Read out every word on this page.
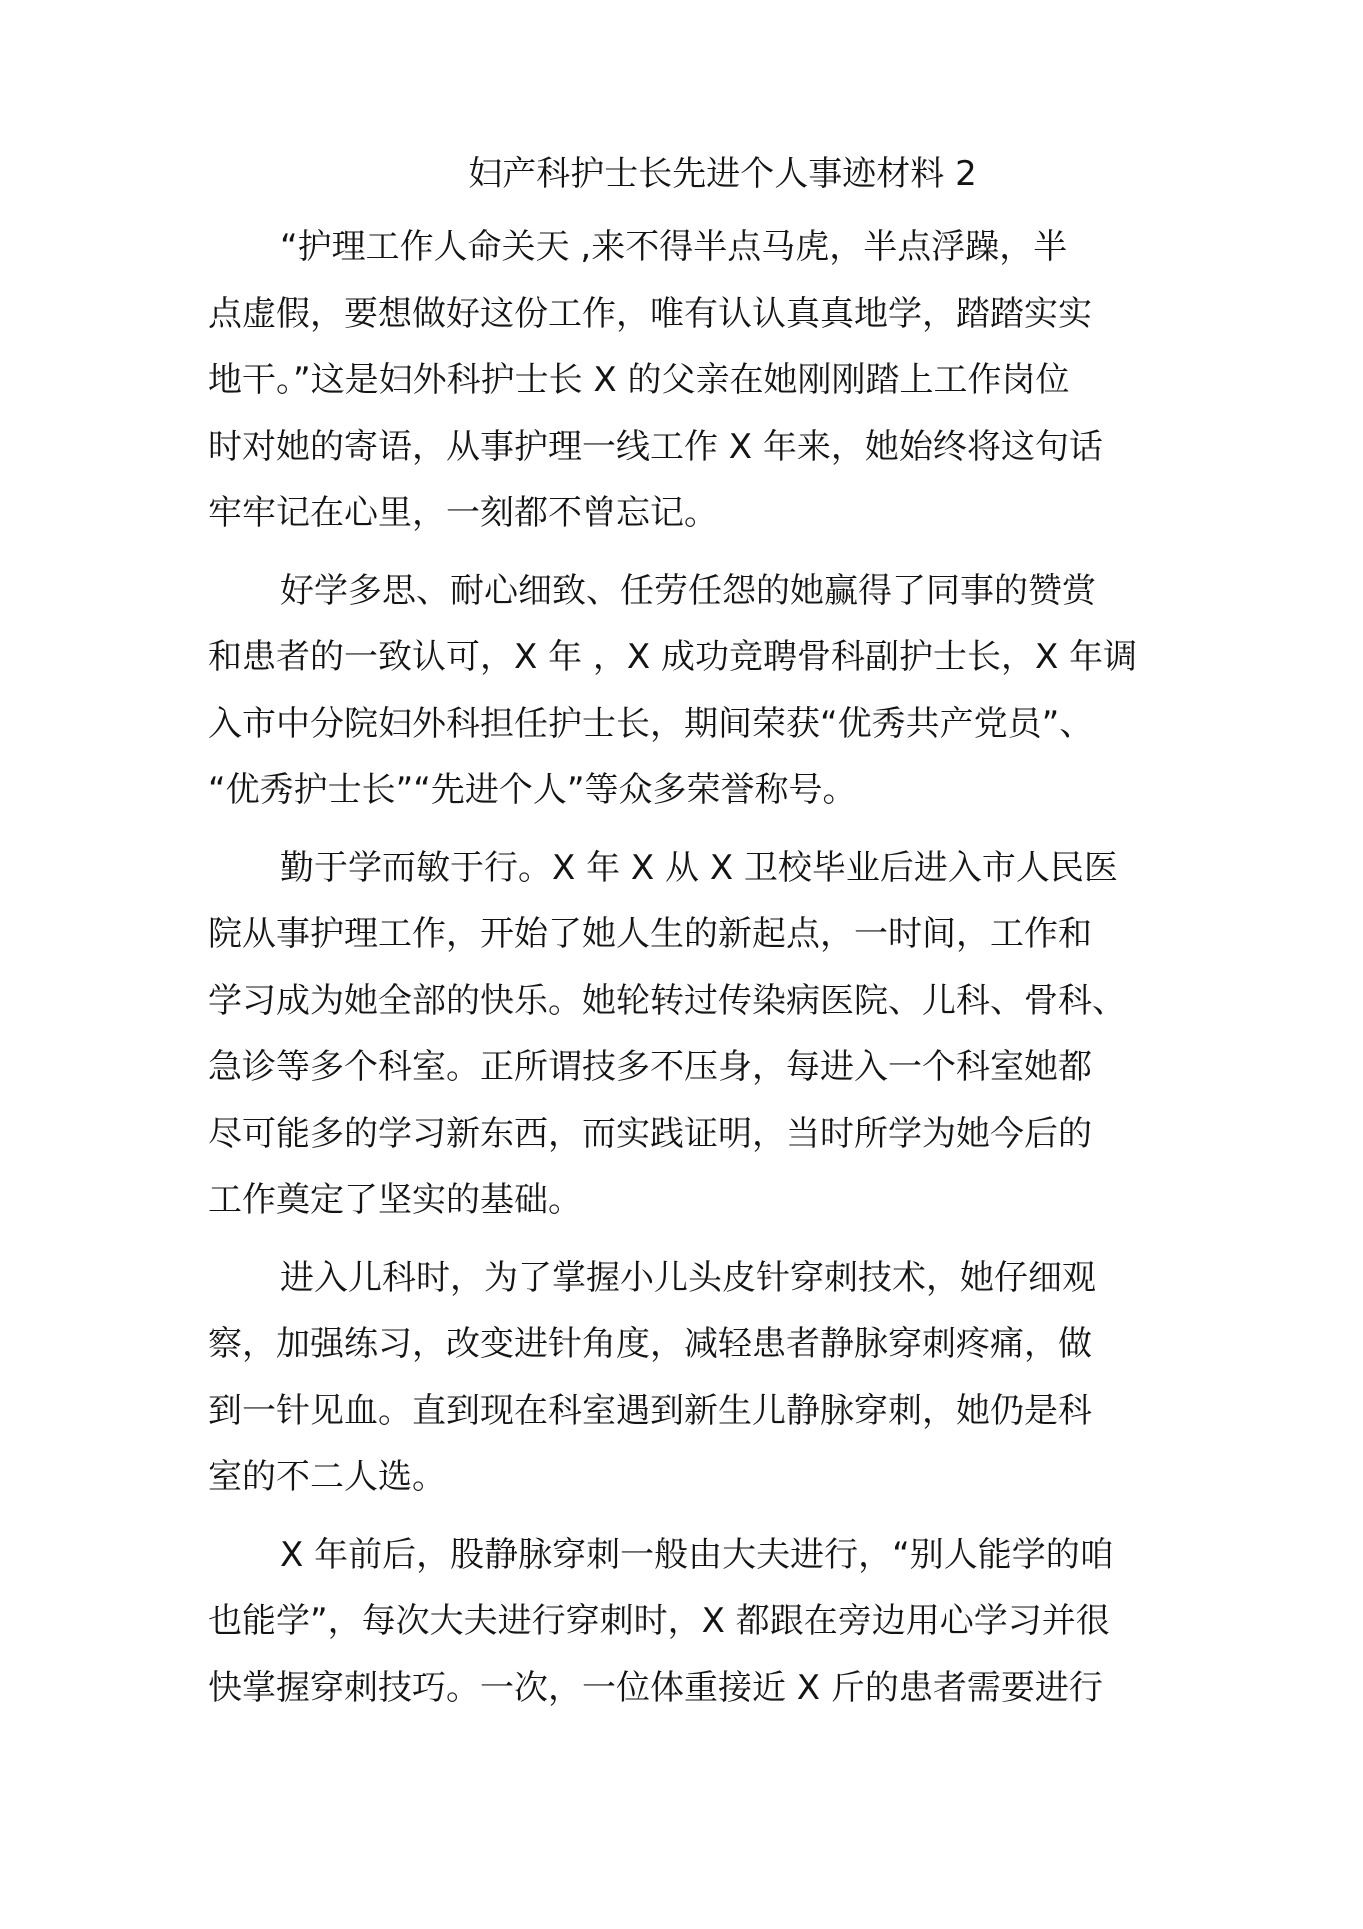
妇产科护士长先进个人事迹材料 2
“护理工作人命关天 ,来不得半点马虎，半点浮躁，半
点虚假，要想做好这份工作，唯有认认真真地学，踏踏实实
地干。”这是妇外科护士长 X 的父亲在她刚刚踏上工作岗位
时对她的寄语，从事护理一线工作 X 年来，她始终将这句话
牢牢记在心里，一刻都不曾忘记。
好学多思、耐心细致、任劳任怨的她赢得了同事的赞赏
和患者的一致认可，X 年 ，X 成功竞聘骨科副护士长，X 年调
入市中分院妇外科担任护士长，期间荣获“优秀共产党员”、
“优秀护士长”“先进个人”等众多荣誉称号。
勤于学而敏于行。X 年 X 从 X 卫校毕业后进入市人民医
院从事护理工作，开始了她人生的新起点，一时间，工作和
学习成为她全部的快乐。她轮转过传染病医院、儿科、骨科、
急诊等多个科室。正所谓技多不压身，每进入一个科室她都
尽可能多的学习新东西，而实践证明，当时所学为她今后的
工作奠定了坚实的基础。
进入儿科时，为了掌握小儿头皮针穿刺技术，她仔细观
察，加强练习，改变进针角度，减轻患者静脉穿刺疼痛，做
到一针见血。直到现在科室遇到新生儿静脉穿刺，她仍是科
室的不二人选。
X 年前后，股静脉穿刺一般由大夫进行，“别人能学的咱
也能学”，每次大夫进行穿刺时，X 都跟在旁边用心学习并很
快掌握穿刺技巧。一次，一位体重接近 X 斤的患者需要进行
